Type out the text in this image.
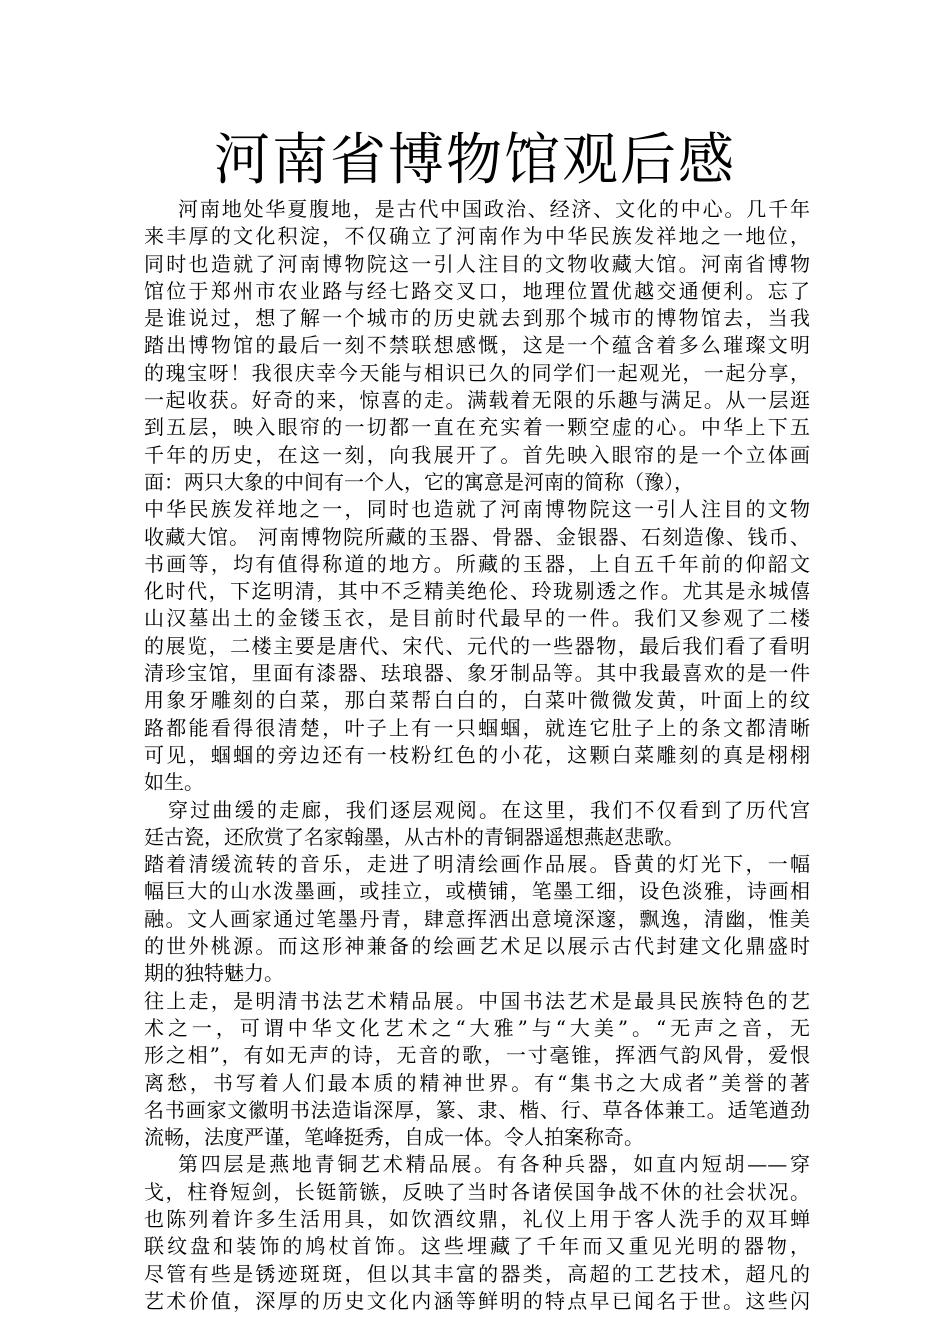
河南省博物馆观后感
河南地处华夏腹地，是古代中国政治、经济、文化的中心。几千年
来丰厚的文化积淀，不仅确立了河南作为中华民族发祥地之一地位，
同时也造就了河南博物院这一引人注目的文物收藏大馆。河南省博物
馆位于郑州市农业路与经七路交叉口，地理位置优越交通便利。忘了
是谁说过，想了解一个城市的历史就去到那个城市的博物馆去，当我
踏出博物馆的最后一刻不禁联想感慨，这是一个蕴含着多么璀璨文明
的瑰宝呀！我很庆幸今天能与相识已久的同学们一起观光，一起分享，
一起收获。好奇的来，惊喜的走。满载着无限的乐趣与满足。从一层逛
到五层，映入眼帘的一切都一直在充实着一颗空虚的心。中华上下五
千年的历史，在这一刻，向我展开了。首先映入眼帘的是一个立体画
面：两只大象的中间有一个人，它的寓意是河南的简称（豫），
中华民族发祥地之一，同时也造就了河南博物院这一引人注目的文物
收藏大馆。 河南博物院所藏的玉器、骨器、金银器、石刻造像、钱币、
书画等，均有值得称道的地方。所藏的玉器，上自五千年前的仰韶文
化时代，下迄明清，其中不乏精美绝伦、玲珑剔透之作。尤其是永城僖
山汉墓出土的金镂玉衣，是目前时代最早的一件。我们又参观了二楼
的展览，二楼主要是唐代、宋代、元代的一些器物，最后我们看了看明
清珍宝馆，里面有漆器、珐琅器、象牙制品等。其中我最喜欢的是一件
用象牙雕刻的白菜，那白菜帮白白的，白菜叶微微发黄，叶面上的纹
路都能看得很清楚，叶子上有一只蝈蝈，就连它肚子上的条文都清晰
可见，蝈蝈的旁边还有一枝粉红色的小花，这颗白菜雕刻的真是栩栩
如生。
穿过曲缓的走廊，我们逐层观阅。在这里，我们不仅看到了历代宫
廷古瓷，还欣赏了名家翰墨，从古朴的青铜器遥想燕赵悲歌。
踏着清缓流转的音乐，走进了明清绘画作品展。昏黄的灯光下，一幅
幅巨大的山水泼墨画，或挂立，或横铺，笔墨工细，设色淡雅，诗画相
融。文人画家通过笔墨丹青，肆意挥洒出意境深邃，飘逸，清幽，惟美
的世外桃源。而这形神兼备的绘画艺术足以展示古代封建文化鼎盛时
期的独特魅力。
往上走，是明清书法艺术精品展。中国书法艺术是最具民族特色的艺
术之一，可谓中华文化艺术之“大雅”与“大美”。“无声之音，无
形之相”，有如无声的诗，无音的歌，一寸毫锥，挥洒气韵风骨，爱恨
离愁，书写着人们最本质的精神世界。有“集书之大成者”美誉的著
名书画家文徽明书法造诣深厚，篆、隶、楷、行、草各体兼工。适笔遒劲
流畅，法度严谨，笔峰挺秀，自成一体。令人拍案称奇。
第四层是燕地青铜艺术精品展。有各种兵器，如直内短胡——穿
戈，柱脊短剑，长铤箭镞，反映了当时各诸侯国争战不休的社会状况。
也陈列着许多生活用具，如饮酒纹鼎，礼仪上用于客人洗手的双耳蝉
联纹盘和装饰的鸠杖首饰。这些埋藏了千年而又重见光明的器物，
尽管有些是锈迹斑斑，但以其丰富的器类，高超的工艺技术，超凡的
艺术价值，深厚的历史文化内涵等鲜明的特点早已闻名于世。这些闪
